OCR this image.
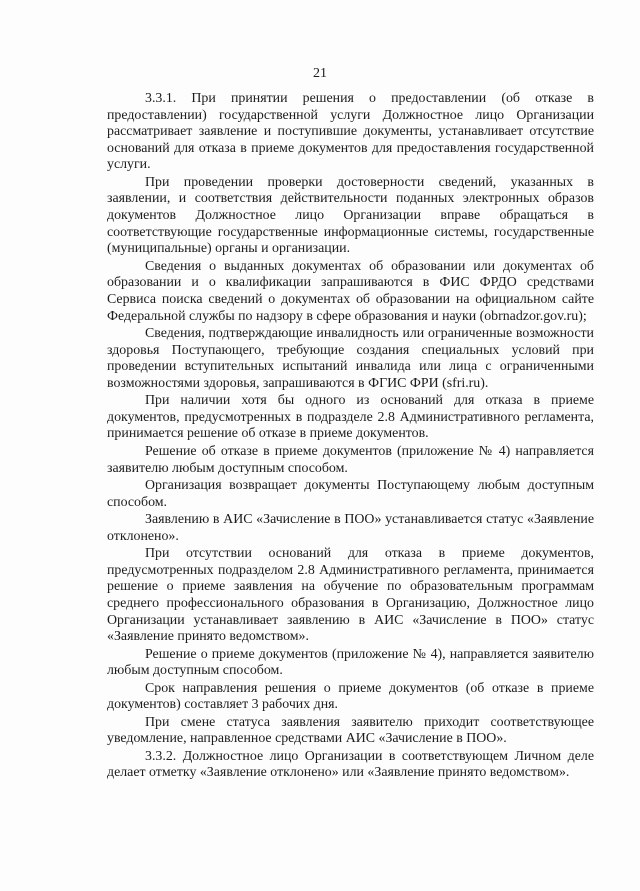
21

3.3.1. При принятии решения о предоставлении (об отказе в предоставлении) государственной услуги Должностное лицо Организации рассматривает заявление и поступившие документы, устанавливает отсутствие оснований для отказа в приеме документов для предоставления государственной услуги.

При проведении проверки достоверности сведений, указанных в заявлении, и соответствия действительности поданных электронных образов документов Должностное лицо Организации вправе обращаться в соответствующие государственные информационные системы, государственные (муниципальные) органы и организации.

Сведения о выданных документах об образовании или документах об образовании и о квалификации запрашиваются в ФИС ФРДО средствами Сервиса поиска сведений о документах об образовании на официальном сайте Федеральной службы по надзору в сфере образования и науки (obrnadzor.gov.ru);

Сведения, подтверждающие инвалидность или ограниченные возможности здоровья Поступающего, требующие создания специальных условий при проведении вступительных испытаний инвалида или лица с ограниченными возможностями здоровья, запрашиваются в ФГИС ФРИ (sfri.ru).

При наличии хотя бы одного из оснований для отказа в приеме документов, предусмотренных в подразделе 2.8 Административного регламента, принимается решение об отказе в приеме документов.

Решение об отказе в приеме документов (приложение № 4) направляется заявителю любым доступным способом.

Организация возвращает документы Поступающему любым доступным способом.

Заявлению в АИС «Зачисление в ПОО» устанавливается статус «Заявление отклонено».

При отсутствии оснований для отказа в приеме документов, предусмотренных подразделом 2.8 Административного регламента, принимается решение о приеме заявления на обучение по образовательным программам среднего профессионального образования в Организацию, Должностное лицо Организации устанавливает заявлению в АИС «Зачисление в ПОО» статус «Заявление принято ведомством».

Решение о приеме документов (приложение № 4), направляется заявителю любым доступным способом.

Срок направления решения о приеме документов (об отказе в приеме документов) составляет 3 рабочих дня.

При смене статуса заявления заявителю приходит соответствующее уведомление, направленное средствами АИС «Зачисление в ПОО».

3.3.2. Должностное лицо Организации в соответствующем Личном деле делает отметку «Заявление отклонено» или «Заявление принято ведомством».
